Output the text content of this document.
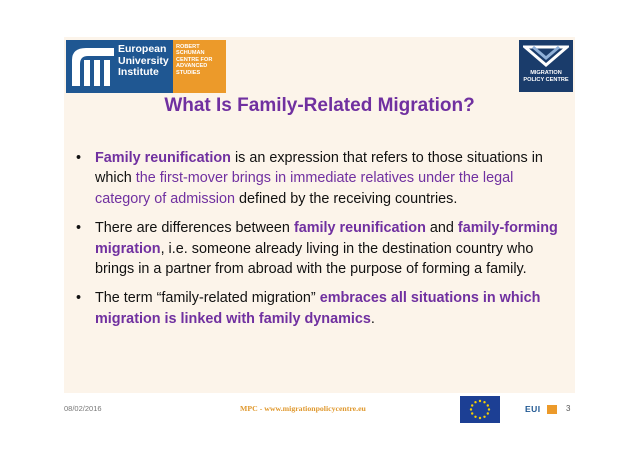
European
University
Institute
ROBERT
SCHUMAN
CENTRE FOR
ADVANCED
STUDIES	MIGRATION
POLICY CENTRE
What Is Family-Related Migration?
• Family reunification is an expression that refers to those situations in which the first-mover brings in immediate relatives under the legal category of admission defined by the receiving countries.
• There are differences between family reunification and family-forming migration, i.e. someone already living in the destination country who brings in a partner from abroad with the purpose of forming a family.
• The term “family-related migration” embraces all situations in which migration is linked with family dynamics.
08/02/2016	MPC - www.migrationpolicycentre.eu	EUI	3
